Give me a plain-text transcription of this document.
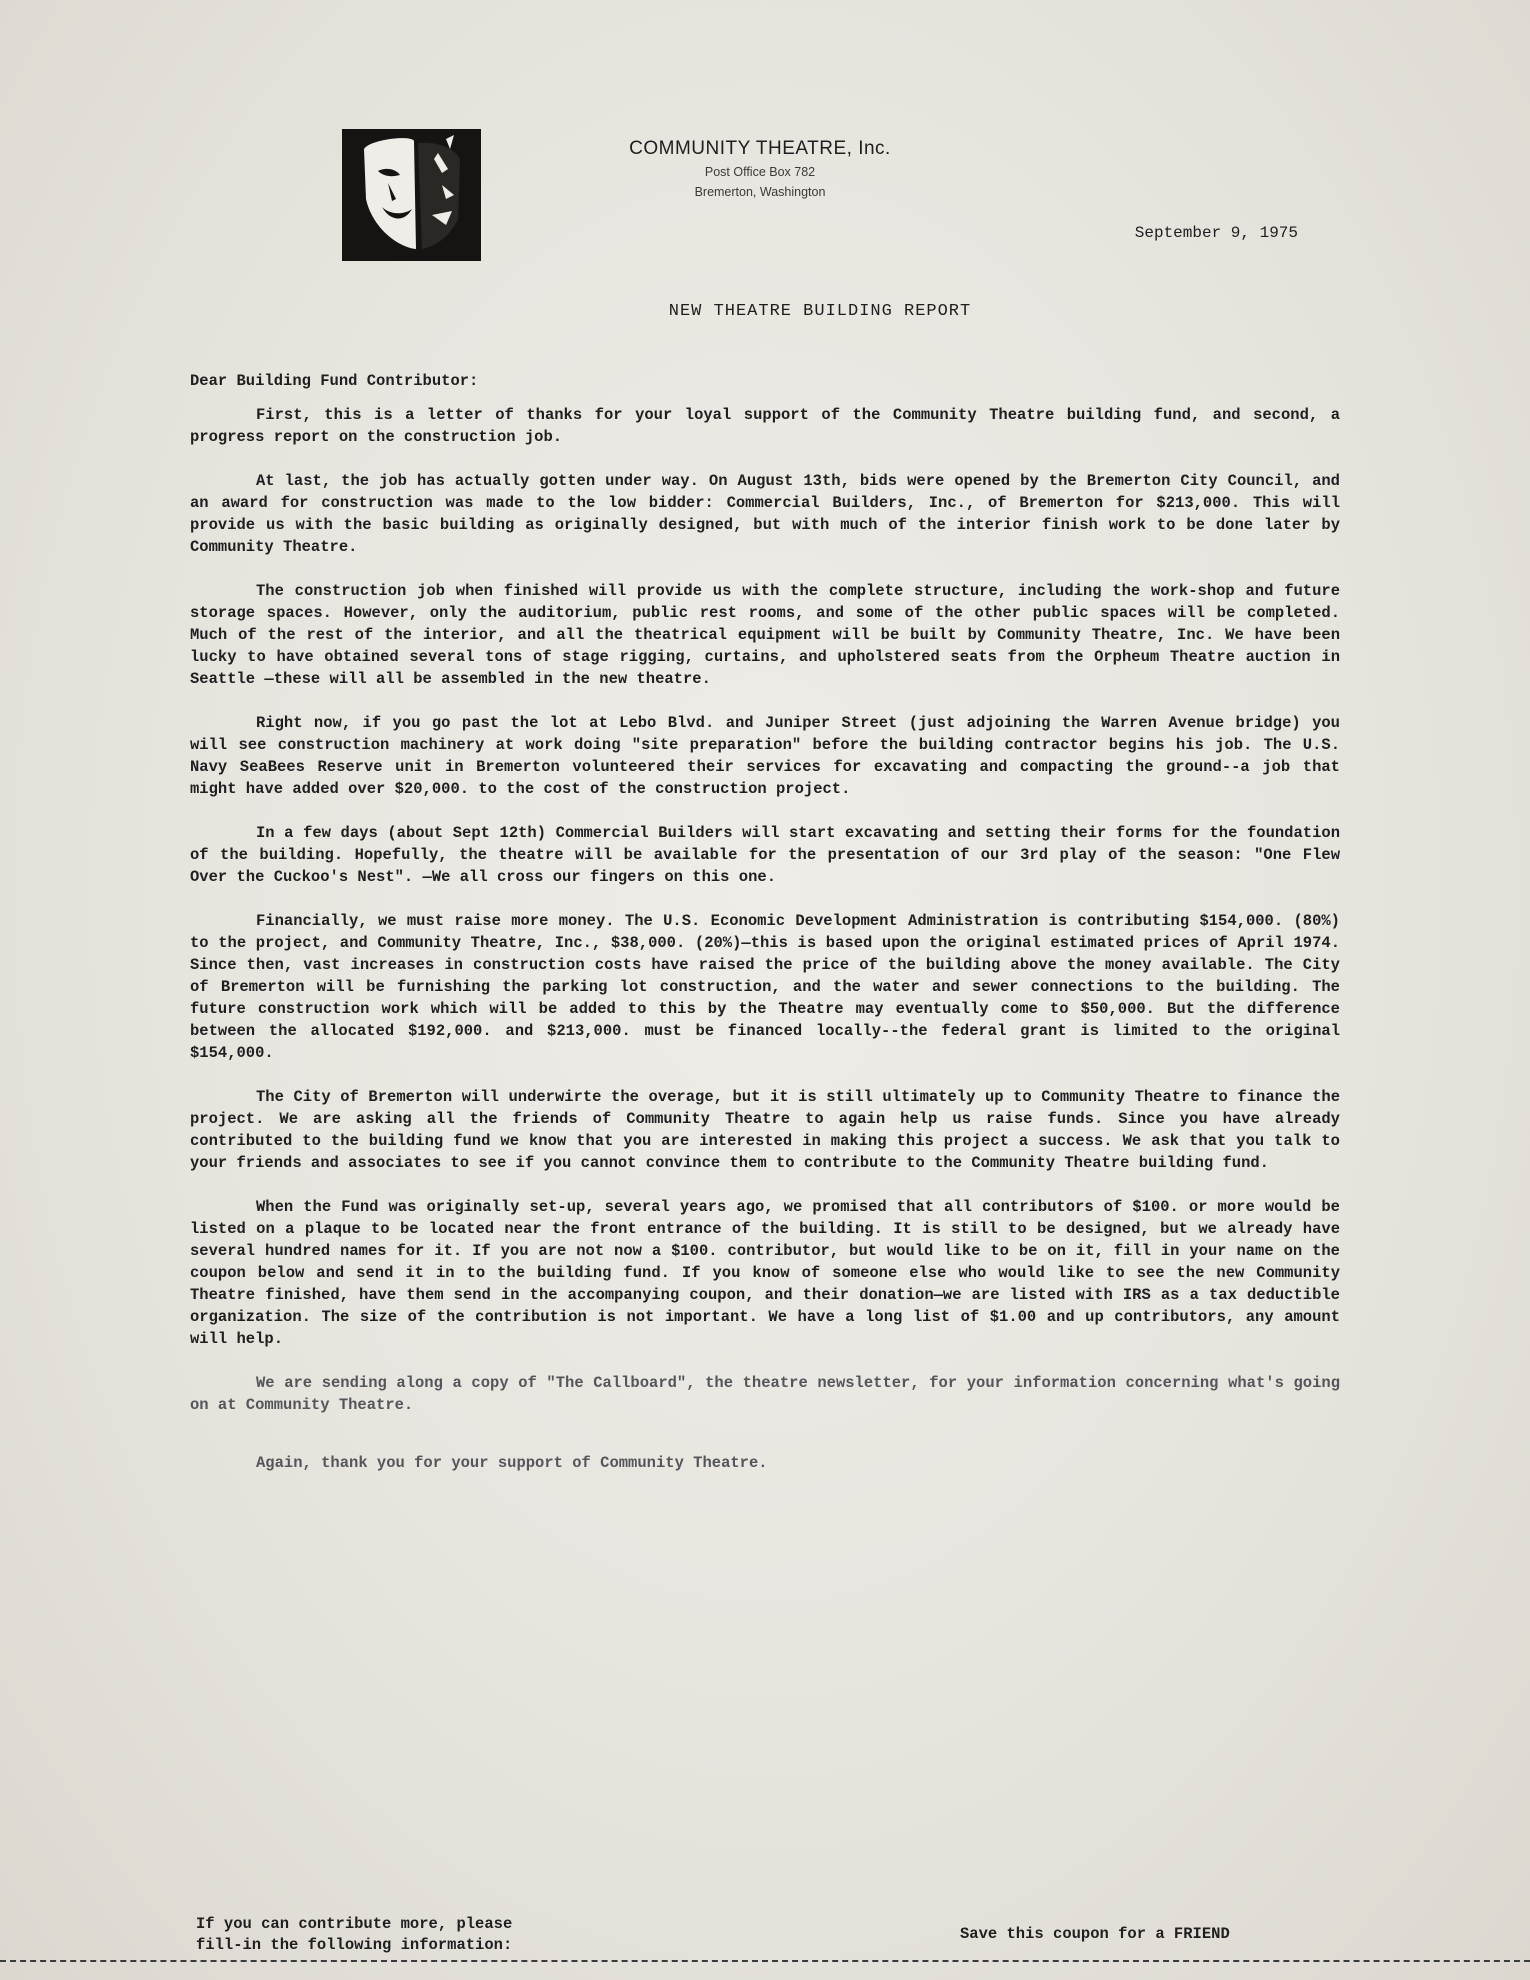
COMMUNITY THEATRE, Inc.
Post Office Box 782
Bremerton, Washington
September 9, 1975
NEW THEATRE BUILDING REPORT
Dear Building Fund Contributor:

First, this is a letter of thanks for your loyal support of the Community Theatre building fund, and second, a progress report on the construction job.

At last, the job has actually gotten under way. On August 13th, bids were opened by the Bremerton City Council, and an award for construction was made to the low bidder: Commercial Builders, Inc., of Bremerton for $213,000. This will provide us with the basic building as originally designed, but with much of the interior finish work to be done later by Community Theatre.

The construction job when finished will provide us with the complete structure, including the work-shop and future storage spaces. However, only the auditorium, public rest rooms, and some of the other public spaces will be completed. Much of the rest of the interior, and all the theatrical equipment will be built by Community Theatre, Inc. We have been lucky to have obtained several tons of stage rigging, curtains, and upholstered seats from the Orpheum Theatre auction in Seattle —these will all be assembled in the new theatre.

Right now, if you go past the lot at Lebo Blvd. and Juniper Street (just adjoining the Warren Avenue bridge) you will see construction machinery at work doing "site preparation" before the building contractor begins his job. The U.S. Navy SeaBees Reserve unit in Bremerton volunteered their services for excavating and compacting the ground--a job that might have added over $20,000. to the cost of the construction project.

In a few days (about Sept 12th) Commercial Builders will start excavating and setting their forms for the foundation of the building. Hopefully, the theatre will be available for the presentation of our 3rd play of the season: "One Flew Over the Cuckoo's Nest". —We all cross our fingers on this one.

Financially, we must raise more money. The U.S. Economic Development Administration is contributing $154,000. (80%) to the project, and Community Theatre, Inc., $38,000. (20%)—this is based upon the original estimated prices of April 1974. Since then, vast increases in construction costs have raised the price of the building above the money available. The City of Bremerton will be furnishing the parking lot construction, and the water and sewer connections to the building. The future construction work which will be added to this by the Theatre may eventually come to $50,000. But the difference between the allocated $192,000. and $213,000. must be financed locally--the federal grant is limited to the original $154,000.

The City of Bremerton will underwirte the overage, but it is still ultimately up to Community Theatre to finance the project. We are asking all the friends of Community Theatre to again help us raise funds. Since you have already contributed to the building fund we know that you are interested in making this project a success. We ask that you talk to your friends and associates to see if you cannot convince them to contribute to the Community Theatre building fund.

When the Fund was originally set-up, several years ago, we promised that all contributors of $100. or more would be listed on a plaque to be located near the front entrance of the building. It is still to be designed, but we already have several hundred names for it. If you are not now a $100. contributor, but would like to be on it, fill in your name on the coupon below and send it in to the building fund. If you know of someone else who would like to see the new Community Theatre finished, have them send in the accompanying coupon, and their donation—we are listed with IRS as a tax deductible organization. The size of the contribution is not important. We have a long list of $1.00 and up contributors, any amount will help.

We are sending along a copy of "The Callboard", the theatre newsletter, for your information concerning what's going on at Community Theatre.

Again, thank you for your support of Community Theatre.

If you can contribute more, please
fill-in the following information:
Save this coupon for a FRIEND
